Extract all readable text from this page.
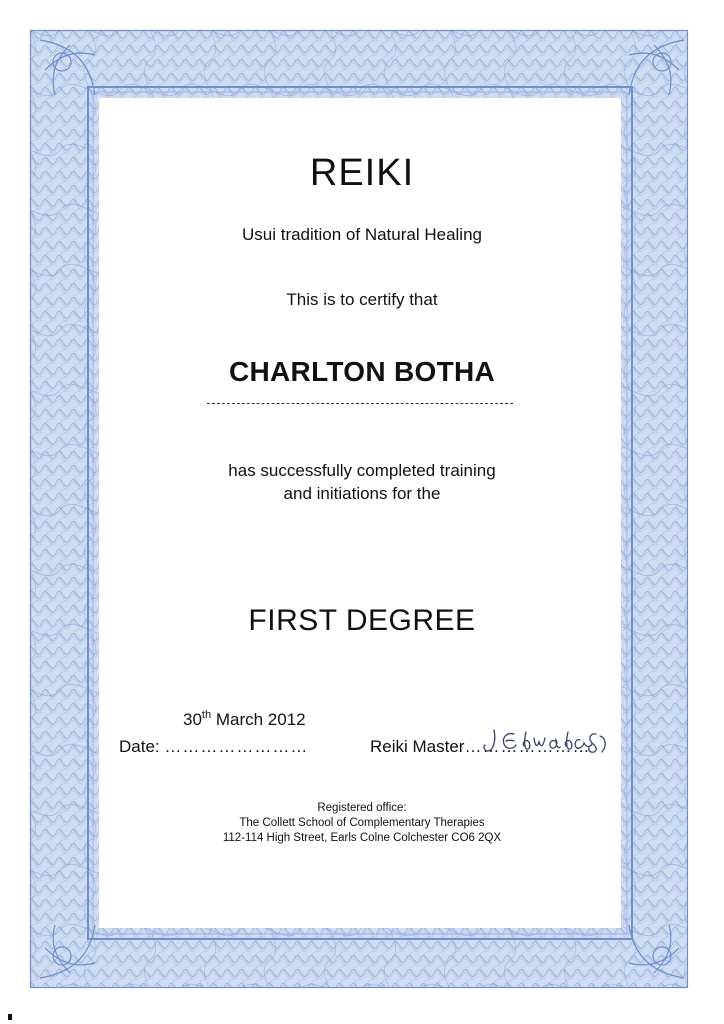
REIKI
Usui tradition of Natural Healing
This is to certify that
CHARLTON BOTHA
has successfully completed training
and initiations for the
FIRST DEGREE
30th March 2012
Date: ……………………	Reiki Master…………………
Registered office:
The Collett School of Complementary Therapies
112-114 High Street, Earls Colne Colchester CO6 2QX
